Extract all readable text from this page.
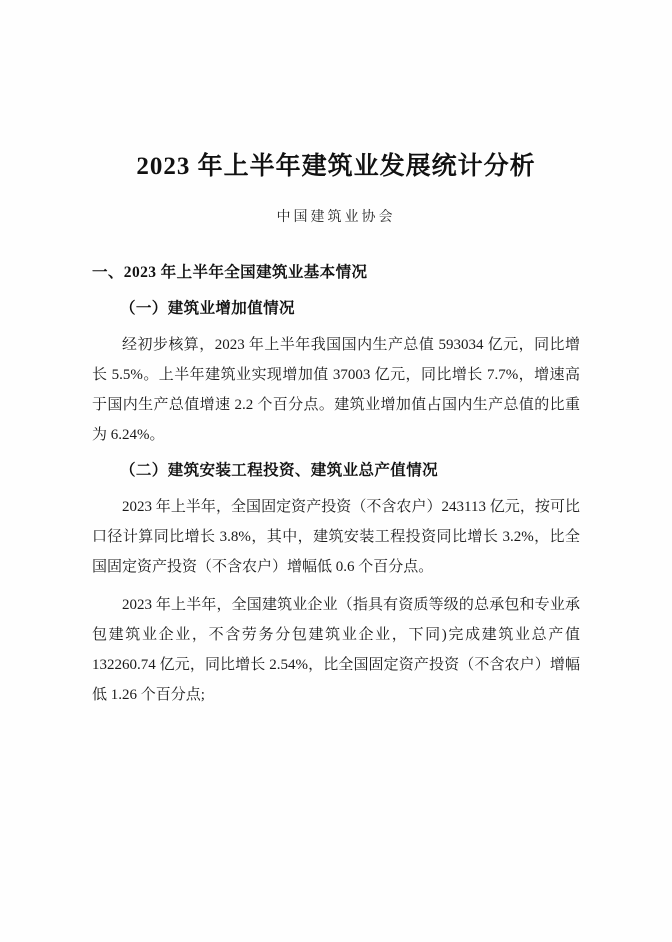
2023 年上半年建筑业发展统计分析
中国建筑业协会
一、2023 年上半年全国建筑业基本情况
（一）建筑业增加值情况

经初步核算，2023 年上半年我国国内生产总值 593034 亿元，同比增长 5.5%。上半年建筑业实现增加值 37003 亿元，同比增长 7.7%，增速高于国内生产总值增速 2.2 个百分点。建筑业增加值占国内生产总值的比重为 6.24%。

（二）建筑安装工程投资、建筑业总产值情况

2023 年上半年，全国固定资产投资（不含农户）243113 亿元，按可比口径计算同比增长 3.8%，其中，建筑安装工程投资同比增长 3.2%，比全国固定资产投资（不含农户）增幅低 0.6 个百分点。

2023 年上半年，全国建筑业企业（指具有资质等级的总承包和专业承包建筑业企业，不含劳务分包建筑业企业，下同)完成建筑业总产值 132260.74 亿元，同比增长 2.54%，比全国固定资产投资（不含农户）增幅低 1.26 个百分点;
